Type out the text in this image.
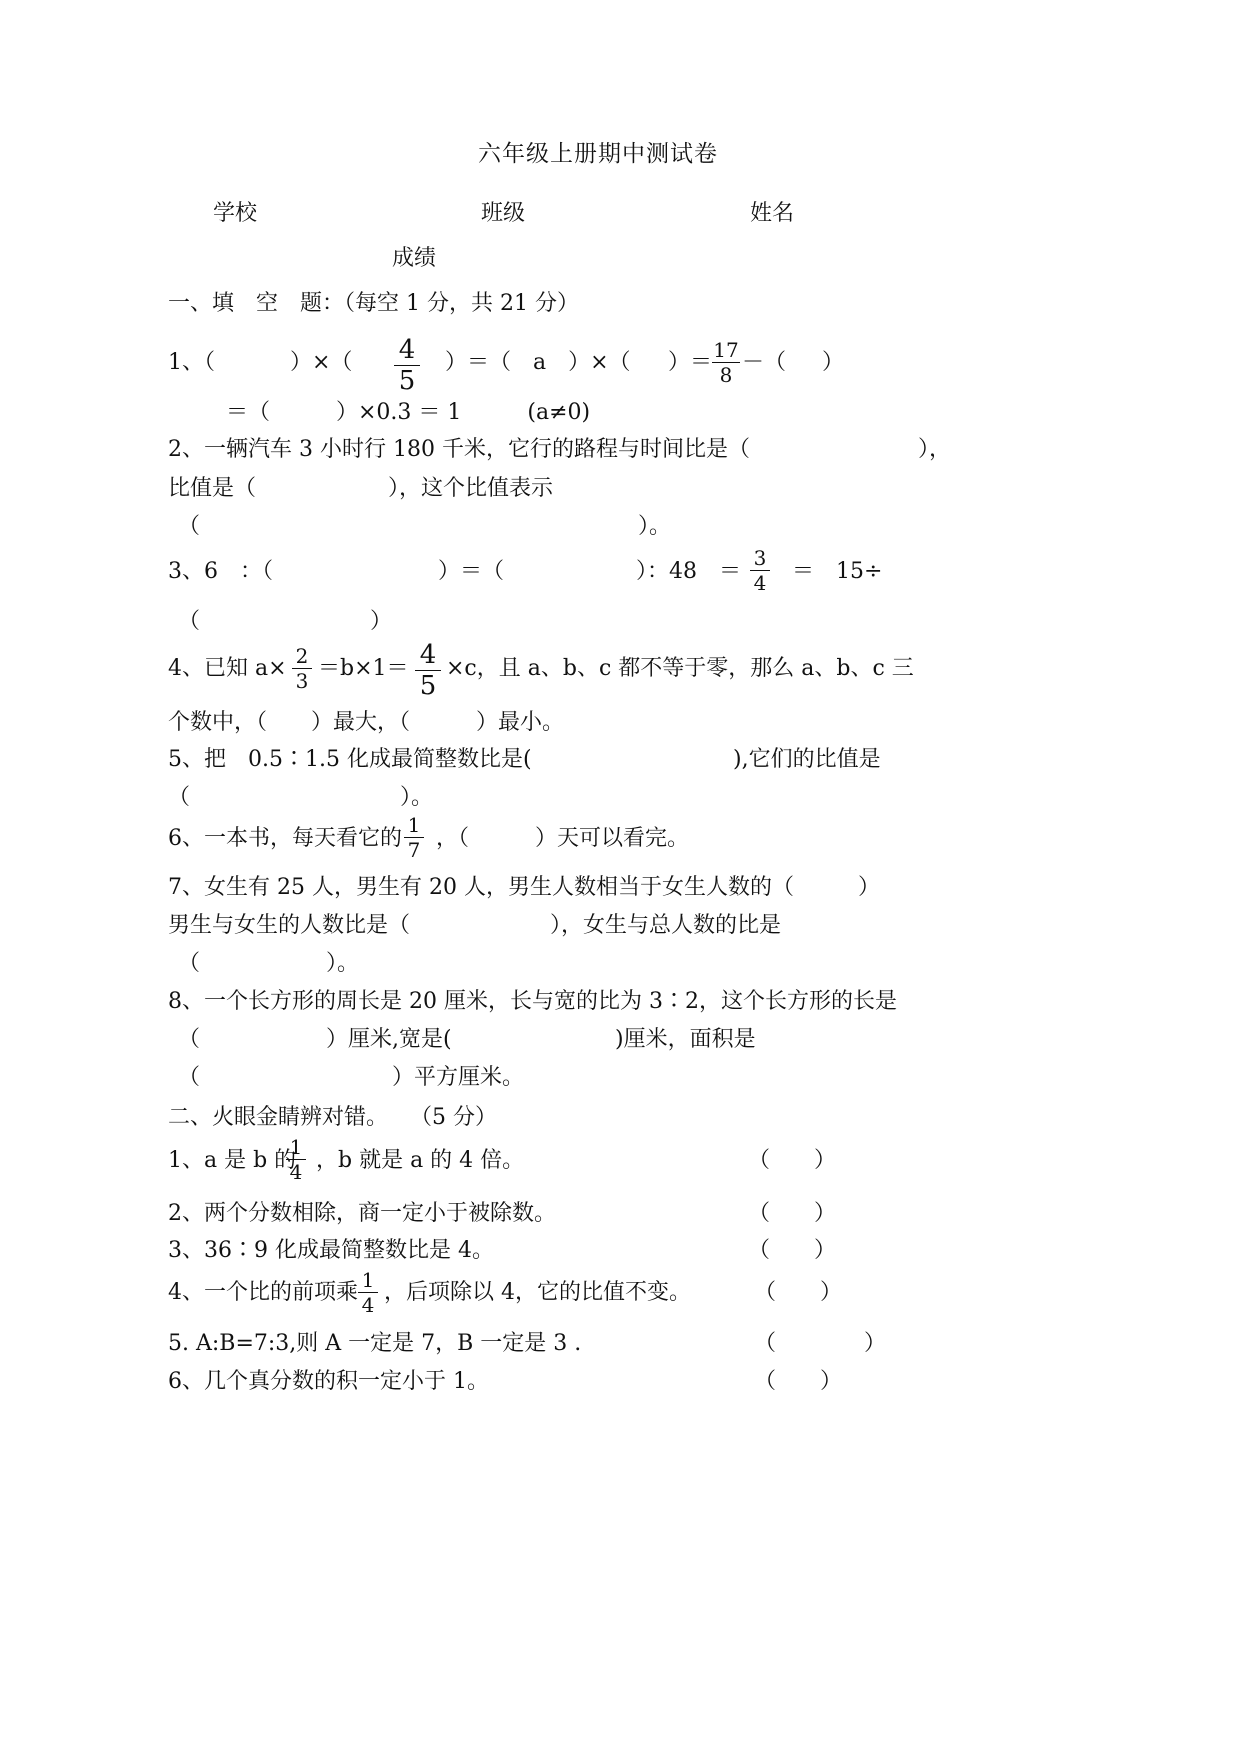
六年级上册期中测试卷
学校	班级	姓名
成绩
一、填　空　题：（每空 1 分，共 21 分）
1、（	）×（ 4
5
）＝（　a　）×（ ）＝ 17
8 －（ ）
＝（　　　）×0.3 ＝ 1　　　(a≠0)
2、一辆汽车 3 小时行 180 千米，它行的路程与时间比是（	），
比值是（　　　　　　），这个比值表示
（	）。
3、6　：（	）＝（	）：48　＝
3
4 ＝　15÷
（	）
4、已知 a× 2
3 ＝b×1＝ 4
5
×c，且 a、b、c 都不等于零，那么 a、b、c 三
个数中，（　　）最大，（　　　）最小。
5、把　0.5∶1.5 化成最简整数比是(	),它们的比值是
（	）。
6、一本书，每天看它的
1
7 ，（　　　）天可以看完。
7、女生有 25 人，男生有 20 人，男生人数相当于女生人数的（	）
男生与女生的人数比是（	），女生与总人数的比是
（	）。
8、一个长方形的周长是 20 厘米，长与宽的比为 3∶2，这个长方形的长是
（	）厘米,宽是(	)厘米，面积是
（	）平方厘米。
二、火眼金睛辨对错。　　（5 分）
1、a 是 b 的
1
4 ，b 就是 a 的 4 倍。	（　　）
2、两个分数相除，商一定小于被除数。	（　　）
3、36∶9 化成最简整数比是 4。	（　　）
4、一个比的前项乘 1
4 ，后项除以 4，它的比值不变。	（　　）
5. A:B=7:3,则 A 一定是 7，B 一定是 3 .	（　　　　）
6、几个真分数的积一定小于 1。	（　　）
